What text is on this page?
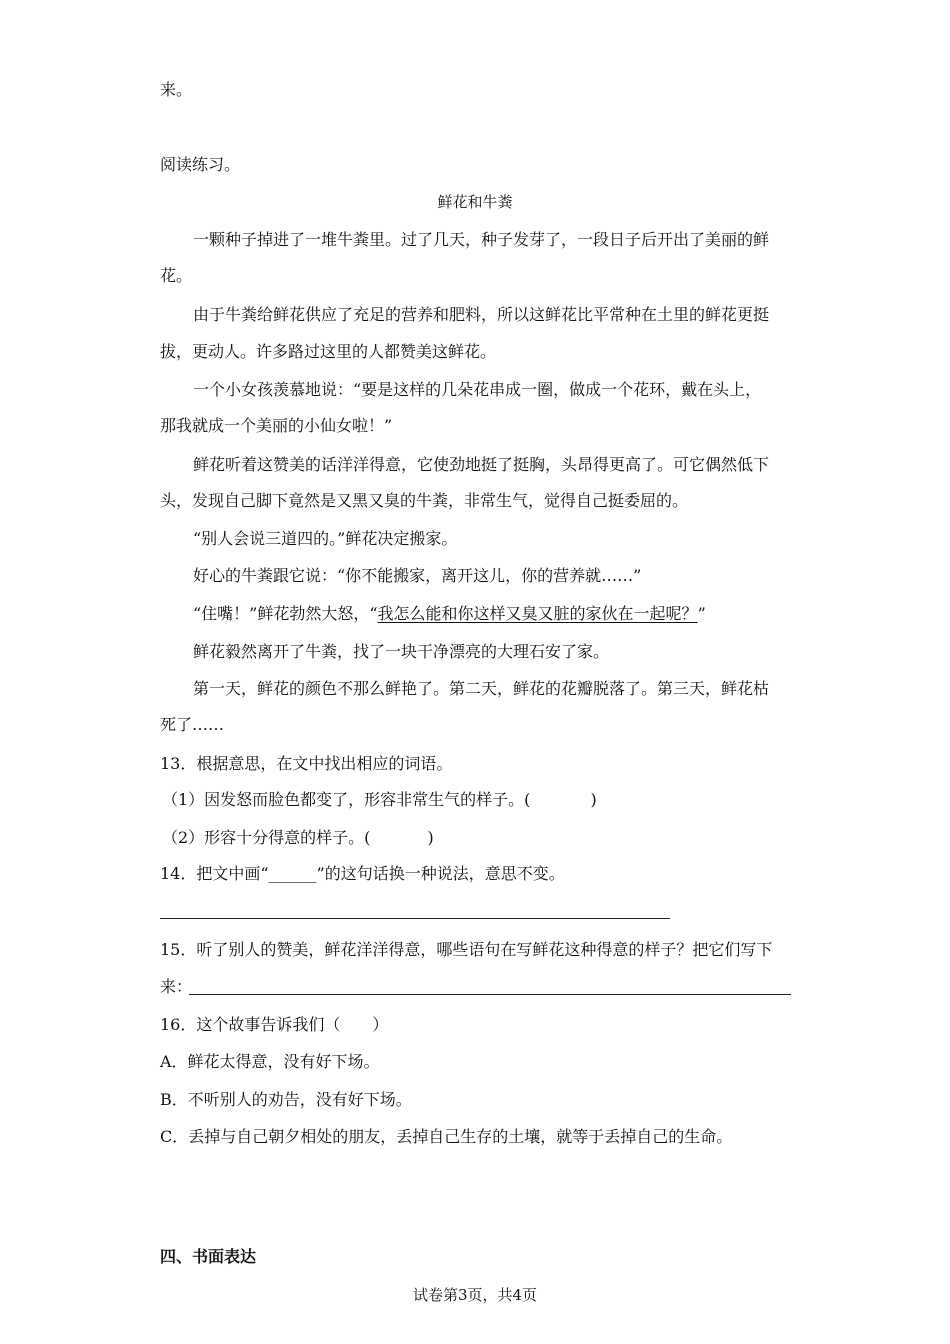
来。
阅读练习。
鲜花和牛粪
一颗种子掉进了一堆牛粪里。过了几天，种子发芽了，一段日子后开出了美丽的鲜
花。
由于牛粪给鲜花供应了充足的营养和肥料，所以这鲜花比平常种在土里的鲜花更挺
拔，更动人。许多路过这里的人都赞美这鲜花。
一个小女孩羡慕地说：“要是这样的几朵花串成一圈，做成一个花环，戴在头上，
那我就成一个美丽的小仙女啦！”
鲜花听着这赞美的话洋洋得意，它使劲地挺了挺胸，头昂得更高了。可它偶然低下
头，发现自己脚下竟然是又黑又臭的牛粪，非常生气，觉得自己挺委屈的。
“别人会说三道四的。”鲜花决定搬家。
好心的牛粪跟它说：“你不能搬家，离开这儿，你的营养就……”
“住嘴！”鲜花勃然大怒，“我怎么能和你这样又臭又脏的家伙在一起呢？”
鲜花毅然离开了牛粪，找了一块干净漂亮的大理石安了家。
第一天，鲜花的颜色不那么鲜艳了。第二天，鲜花的花瓣脱落了。第三天，鲜花枯
死了……
13．根据意思，在文中找出相应的词语。
（1）因发怒而脸色都变了，形容非常生气的样子。(	)
（2）形容十分得意的样子。(	)
14．把文中画“______”的这句话换一种说法，意思不变。
15．听了别人的赞美，鲜花洋洋得意，哪些语句在写鲜花这种得意的样子？把它们写下
来：
16．这个故事告诉我们（　　）
A．鲜花太得意，没有好下场。
B．不听别人的劝告，没有好下场。
C．丢掉与自己朝夕相处的朋友，丢掉自己生存的土壤，就等于丢掉自己的生命。
四、书面表达
试卷第3页，共4页
